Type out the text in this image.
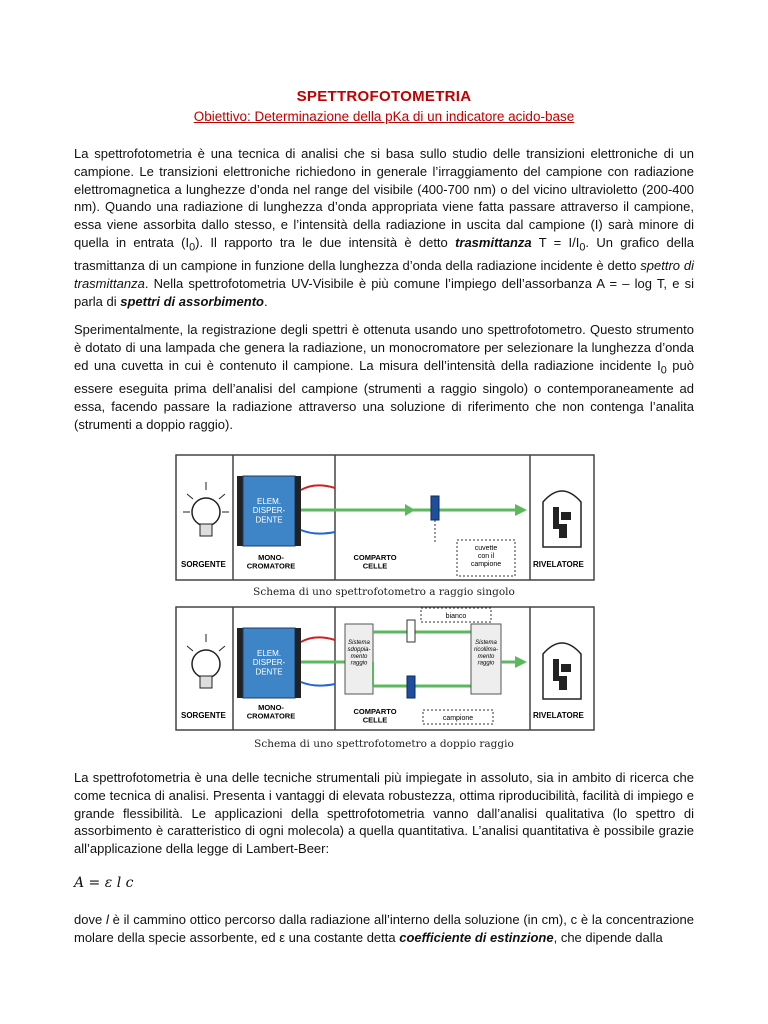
SPETTROFOTOMETRIA
Obiettivo: Determinazione della pKa di un indicatore acido-base

La spettrofotometria è una tecnica di analisi che si basa sullo studio delle transizioni elettroniche di un campione. Le transizioni elettroniche richiedono in generale l’irraggiamento del campione con radiazione elettromagnetica a lunghezze d’onda nel range del visibile (400-700 nm) o del vicino ultravioletto (200-400 nm). Quando una radiazione di lunghezza d’onda appropriata viene fatta passare attraverso il campione, essa viene assorbita dallo stesso, e l’intensità della radiazione in uscita dal campione (I) sarà minore di quella in entrata $(I_0)$. Il rapporto tra le due intensità è detto trasmittanza $T = I/I_0$. Un grafico della trasmittanza di un campione in funzione della lunghezza d’onda della radiazione incidente è detto spettro di trasmittanza. Nella spettrofotometria UV-Visibile è più comune l’impiego dell’assorbanza A = – log T, e si parla di spettri di assorbimento.

Sperimentalmente, la registrazione degli spettri è ottenuta usando uno spettrofotometro. Questo strumento è dotato di una lampada che genera la radiazione, un monocromatore per selezionare la lunghezza d’onda ed una cuvetta in cui è contenuto il campione. La misura dell’intensità della radiazione incidente $I_0$ può essere eseguita prima dell’analisi del campione (strumenti a raggio singolo) o contemporaneamente ad essa, facendo passare la radiazione attraverso una soluzione di riferimento che non contenga l’analita (strumenti a doppio raggio).

SORGENTE
ELEM. DISPER-DENTE
MONO-CROMATORE
cuvette con il campione
COMPARTO CELLE	RIVELATORE
Schema di uno spettrofotometro a raggio singolo
SORGENTE
ELEM. DISPER-DENTE
MONO-CROMATORE
Sistema sdoppia-mento raggio
bianco
campione
Sistema ricollima-mento raggio
COMPARTO CELLE
RIVELATORE
Schema di uno spettrofotometro a doppio raggio

La spettrofotometria è una delle tecniche strumentali più impiegate in assoluto, sia in ambito di ricerca che come tecnica di analisi. Presenta i vantaggi di elevata robustezza, ottima riproducibilità, facilità di impiego e grande flessibilità. Le applicazioni della spettrofotometria vanno dall’analisi qualitativa (lo spettro di assorbimento è caratteristico di ogni molecola) a quella quantitativa. L’analisi quantitativa è possibile grazie all’applicazione della legge di Lambert-Beer:

A = ε l c

dove l è il cammino ottico percorso dalla radiazione all’interno della soluzione (in cm), c è la concentrazione molare della specie assorbente, ed ε una costante detta coefficiente di estinzione, che dipende dalla
